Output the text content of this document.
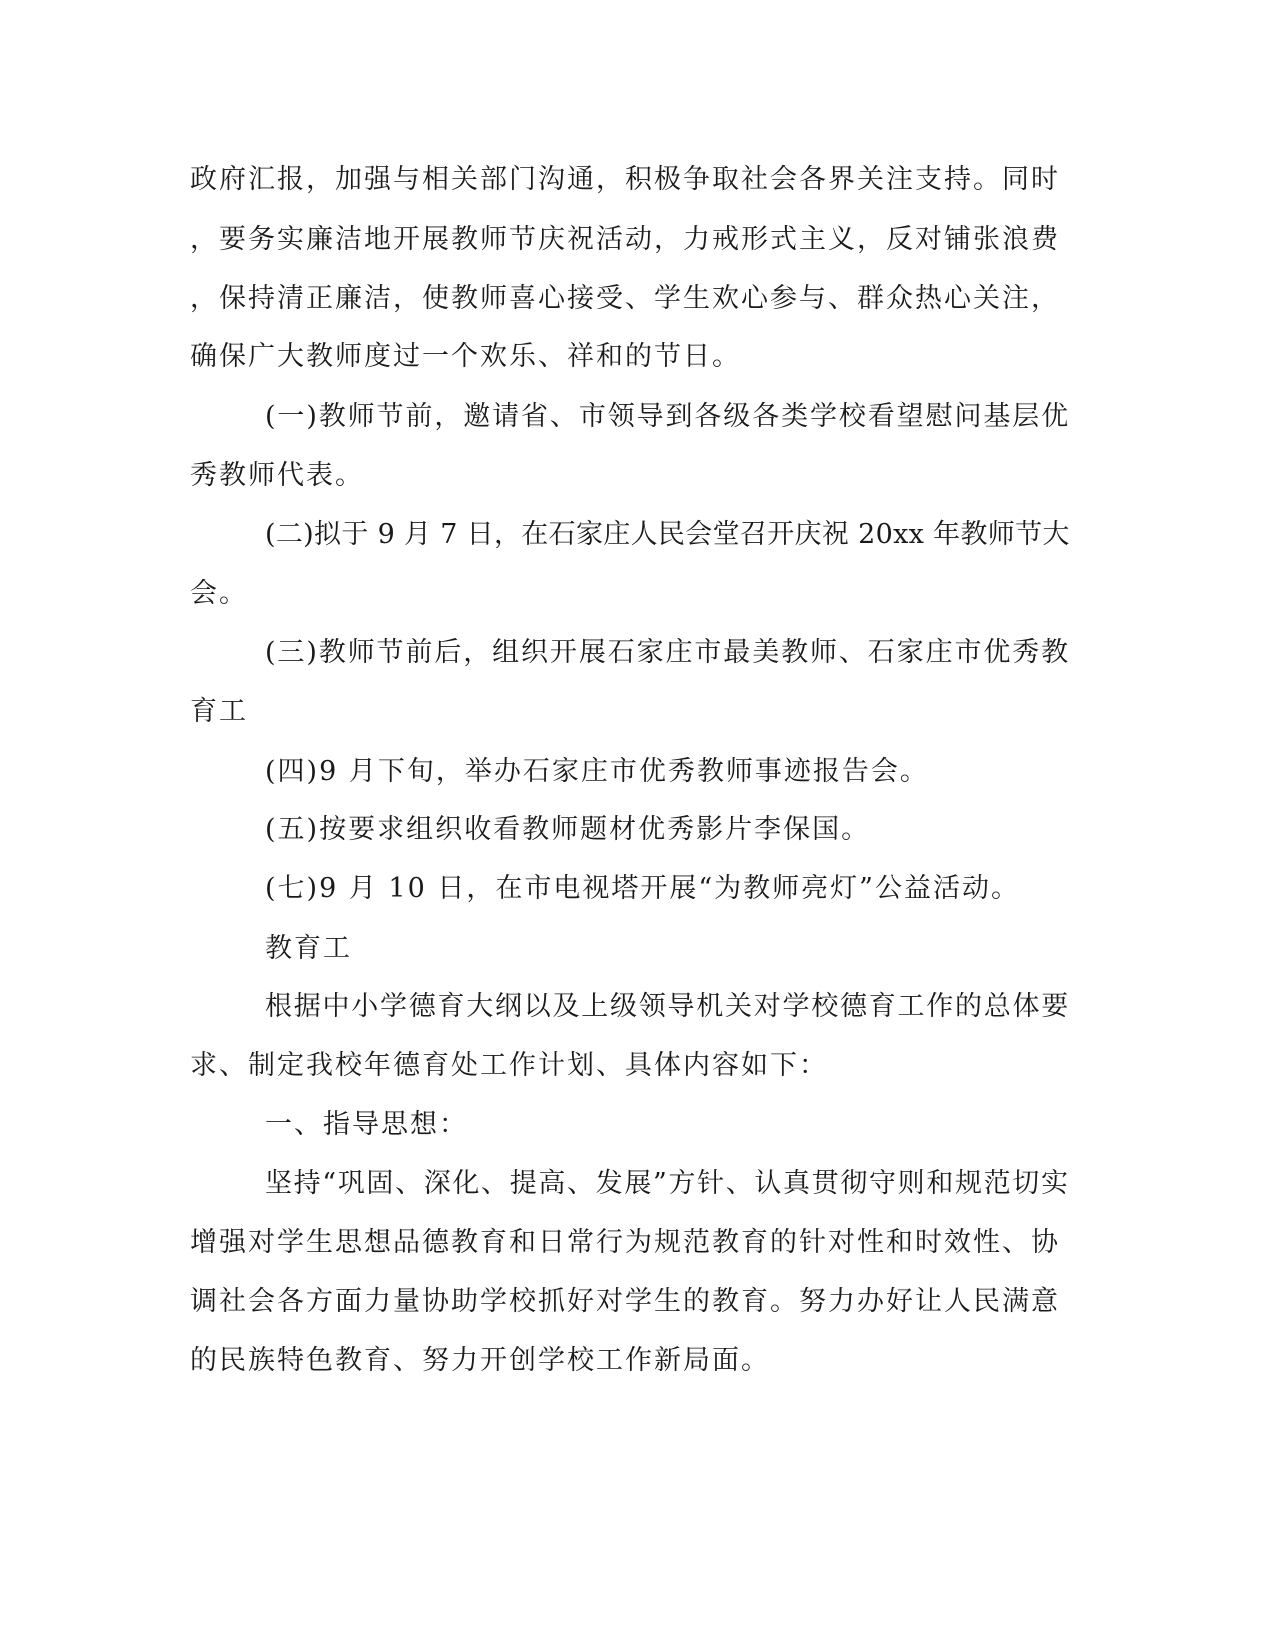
政府汇报，加强与相关部门沟通，积极争取社会各界关注支持。同时
，要务实廉洁地开展教师节庆祝活动，力戒形式主义，反对铺张浪费
，保持清正廉洁，使教师喜心接受、学生欢心参与、群众热心关注，
确保广大教师度过一个欢乐、祥和的节日。
(一)教师节前，邀请省、市领导到各级各类学校看望慰问基层优
秀教师代表。
(二)拟于 9 月 7 日，在石家庄人民会堂召开庆祝 20xx 年教师节大
会。
(三)教师节前后，组织开展石家庄市最美教师、石家庄市优秀教
育工
(四)9 月下旬，举办石家庄市优秀教师事迹报告会。
(五)按要求组织收看教师题材优秀影片李保国。
(七)9 月 10 日，在市电视塔开展“为教师亮灯”公益活动。
教育工
根据中小学德育大纲以及上级领导机关对学校德育工作的总体要
求、制定我校年德育处工作计划、具体内容如下：
一、指导思想：
坚持“巩固、深化、提高、发展”方针、认真贯彻守则和规范切实
增强对学生思想品德教育和日常行为规范教育的针对性和时效性、协
调社会各方面力量协助学校抓好对学生的教育。努力办好让人民满意
的民族特色教育、努力开创学校工作新局面。
